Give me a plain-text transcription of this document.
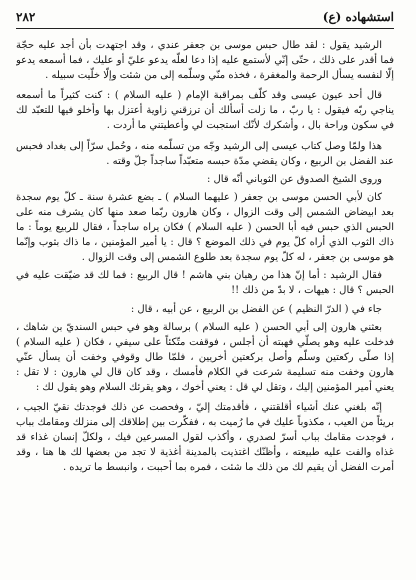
٢٨٢	استشهاده (ع)

الرشيد يقول : لقد طال حبس موسى بن جعفر عندي ، وقد اجتهدت بأن أجد عليه حجّة فما أقدر على ذلك ، حتّى إنّي لأستمع عليه إذا دعا لعلّه يدعو عليّ أو عليك ، فما أسمعه يدعو إلّا لنفسه يسأل الرحمة والمغفرة ، فخذه منّي وسلّمه إلى من شئت وإلّا خلّيت سبيله .

قال أحد عيون عيسى وقد كلّف بمراقبة الإمام ( عليه السلام ) : كنت كثيراً ما أسمعه يناجي ربّه فيقول : يا ربّ ، ما زلت أسألك أن ترزقني زاوية أعتزل بها وأخلو فيها للتعبّد لك في سكون وراحة بال ، وأشكرك لأنّك استجبت لي وأعطيتني ما أردت .

هذا ولمّا وصل كتاب عيسى إلى الرشيد وجّه من تسلّمه منه ، وحُمل سرّاً إلى بغداد فحبس عند الفضل بن الربيع ، وكان يقضي مدّة حبسه متعبّداً ساجداً جلّ وقته .

وروى الشيخ الصدوق عن الثوباني أنّه قال :

كان لأبي الحسن موسى بن جعفر ( عليهما السلام ) ـ بضع عشرة سنة ـ كلّ يوم سجدة بعد ابيضاض الشمس إلى وقت الزوال ، وكان هارون ربّما صعد منها كان يشرف منه على الحبس الذي حبس فيه أبا الحسن ( عليه السلام ) فكان يراه ساجداً ، فقال للربيع يوماً : ما ذاك الثوب الذي أراه كلّ يوم في ذلك الموضع ؟ قال : يا أمير المؤمنين ، ما ذاك بثوب وإنّما هو موسى بن جعفر ، له كلّ يوم سجدة بعد طلوع الشمس إلى وقت الزوال .

فقال الرشيد : أما إنّ هذا من رهبان بني هاشم ! قال الربيع : فما لك قد ضيّقت عليه في الحبس ؟ قال : هيهات ، لا بدّ من ذلك !!

جاء في ( الدرّ النظيم ) عن الفضل بن الربيع ، عن أبيه ، قال :

بعثني هارون إلى أبي الحسن ( عليه السلام ) برسالة وهو في حبس السنديّ بن شاهك ، فدخلت عليه وهو يصلّي فهبته أن أجلس ، فوقفت متّكئاً على سيفي ، فكان ( عليه السلام ) إذا صلّى ركعتين وسلّم وأصل بركعتين أخريين ، فلمّا طال وقوفي وخفت أن يسأل عنّي هارون وخفت منه تسليمة شرعت في الكلام فأمسك ، وقد كان قال لي هارون : لا تقل : يعني أمير المؤمنين إليك ، وتقل لي قل : يعني أخوك ، وهو يقرئك السلام وهو يقول لك :

إنّه بلغني عنك أشياء أقلقتني ، فأقدمتك إليّ ، وفحصت عن ذلك فوجدتك نقيّ الجيب ، بريئاً من العيب ، مكذوباً عليك في ما رُميت به ، ففكّرت بين إطلاقك إلى منزلك ومقامك بباب ، فوجدت مقامك بباب أسرّ لصدري ، وأكذب لقول المسرعين فيك ، ولكلّ إنسان غذاء قد غذاه والفت عليه طبيعته ، وأظنّك اغتذيت بالمدينة أغذية لا تجد من بعضها لك ها هنا ، وقد أمرت الفضل أن يقيم لك من ذلك ما شئت ، فمره بما أحببت ، وانبسط ما تريده .
